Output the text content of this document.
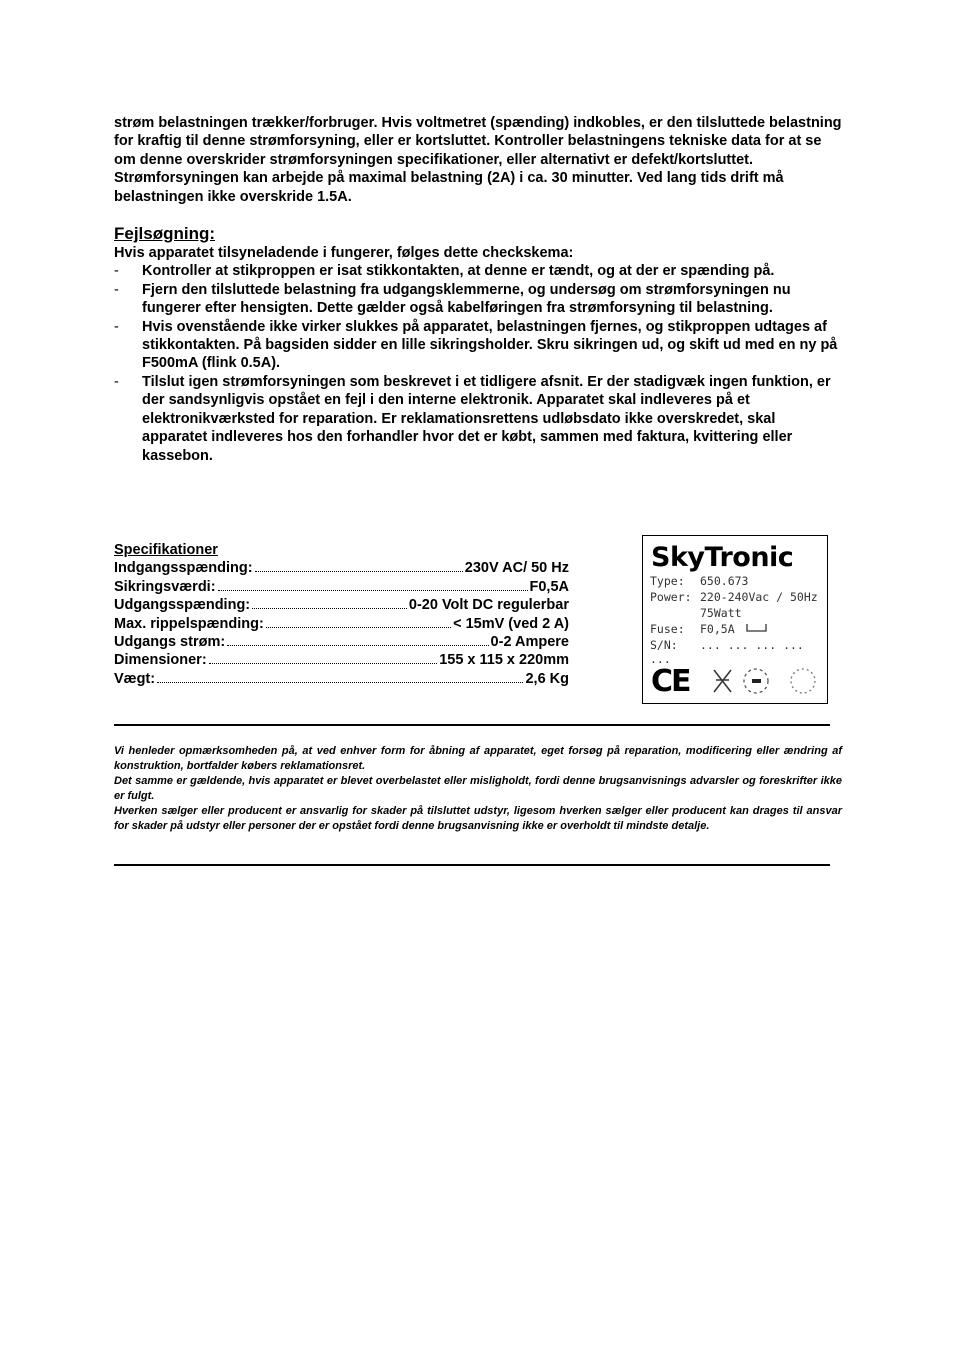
strøm belastningen trækker/forbruger. Hvis voltmetret (spænding) indkobles, er den tilsluttede belastning for kraftig til denne strømforsyning, eller er kortsluttet. Kontroller belastningens tekniske data for at se om denne overskrider strømforsyningen specifikationer, eller alternativt er defekt/kortsluttet. Strømforsyningen kan arbejde på maximal belastning (2A) i ca. 30 minutter. Ved lang tids drift må belastningen ikke overskride 1.5A.

Fejlsøgning:

Hvis apparatet tilsyneladende i fungerer, følges dette checkskema:

- Kontroller at stikproppen er isat stikkontakten, at denne er tændt, og at der er spænding på.
- Fjern den tilsluttede belastning fra udgangsklemmerne, og undersøg om strømforsyningen nu fungerer efter hensigten. Dette gælder også kabelføringen fra strømforsyning til belastning.
- Hvis ovenstående ikke virker slukkes på apparatet, belastningen fjernes, og stikproppen udtages af stikkontakten. På bagsiden sidder en lille sikringsholder. Skru sikringen ud, og skift ud med en ny på F500mA (flink 0.5A).
- Tilslut igen strømforsyningen som beskrevet i et tidligere afsnit. Er der stadigvæk ingen funktion, er der sandsynligvis opstået en fejl i den interne elektronik. Apparatet skal indleveres på et elektronikværksted for reparation. Er reklamationsrettens udløbsdato ikke overskredet, skal apparatet indleveres hos den forhandler hvor det er købt, sammen med faktura, kvittering eller kassebon.

Specifikationer

Indgangsspænding:	230V AC/ 50 Hz
Sikringsværdi:	F0,5A
Udgangsspænding:	0-20 Volt DC regulerbar
Max. rippelspænding:	< 15mV (ved 2 A)
Udgangs strøm:	0-2 Ampere
Dimensioner:	155 x 115 x 220mm
Vægt:	2,6 Kg
SkyTronic
Type: 650.673
Power: 220-240Vac / 50Hz
75Watt
Fuse: F0,5A
S/N: ... ... ... ... ...
CE

Vi henleder opmærksomheden på, at ved enhver form for åbning af apparatet, eget forsøg på reparation, modificering eller ændring af konstruktion, bortfalder købers reklamationsret.

Det samme er gældende, hvis apparatet er blevet overbelastet eller misligholdt, fordi denne brugsanvisnings advarsler og foreskrifter ikke er fulgt.

Hverken sælger eller producent er ansvarlig for skader på tilsluttet udstyr, ligesom hverken sælger eller producent kan drages til ansvar for skader på udstyr eller personer der er opstået fordi denne brugsanvisning ikke er overholdt til mindste detalje.
